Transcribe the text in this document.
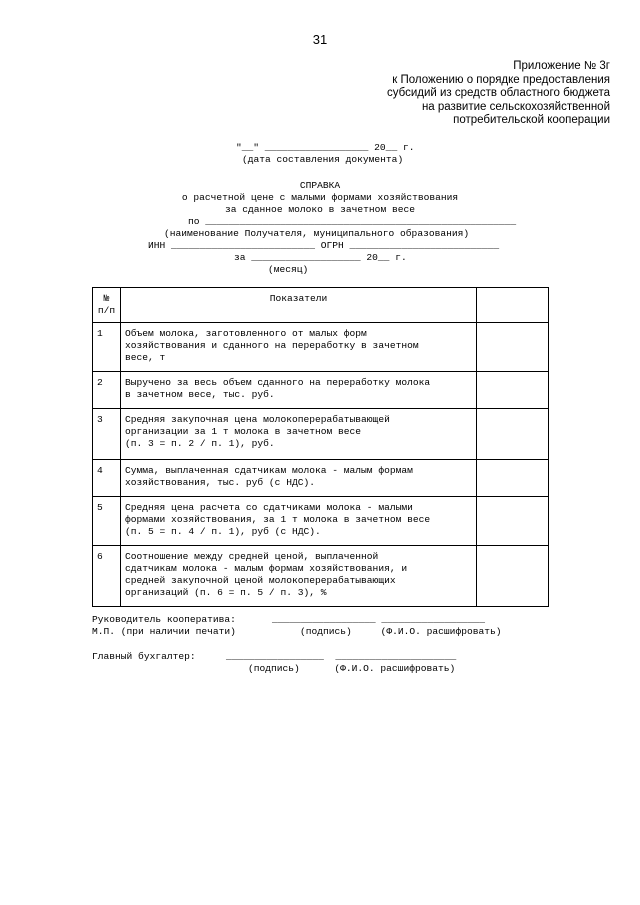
31
Приложение № 3г
к Положению о порядке предоставления
субсидий из средств областного бюджета
на развитие сельскохозяйственной
потребительской кооперации
"__" __________________ 20__ г.
(дата составления документа)
СПРАВКА
о расчетной цене с малыми формами хозяйствования
за сданное молоко в зачетном весе
по ______________________________________________________
(наименование Получателя, муниципального образования)
ИНН _________________________ ОГРН __________________________
за ___________________ 20__ г.
(месяц)
№
п/п	Показатели	
1	Объем молока, заготовленного от малых форм
хозяйствования и сданного на переработку в зачетном
весе, т	
2	Выручено за весь объем сданного на переработку молока
в зачетном весе, тыс. руб.	
3	Средняя закупочная цена молокоперерабатывающей
организации за 1 т молока в зачетном весе
(п. 3 = п. 2 / п. 1), руб.	
4	Сумма, выплаченная сдатчикам молока - малым формам
хозяйствования, тыс. руб (с НДС).	
5	Средняя цена расчета со сдатчиками молока - малыми
формами хозяйствования, за 1 т молока в зачетном весе
(п. 5 = п. 4 / п. 1), руб (с НДС).	
6	Соотношение между средней ценой, выплаченной
сдатчикам молока - малым формам хозяйствования, и
средней закупочной ценой молокоперерабатывающих
организаций (п. 6 = п. 5 / п. 3), %	
Руководитель кооператива:	__________________ __________________
М.П. (при наличии печати)	(подпись)     (Ф.И.О. расшифровать)
Главный бухгалтер:	_________________  _____________________
(подпись)      (Ф.И.О. расшифровать)
